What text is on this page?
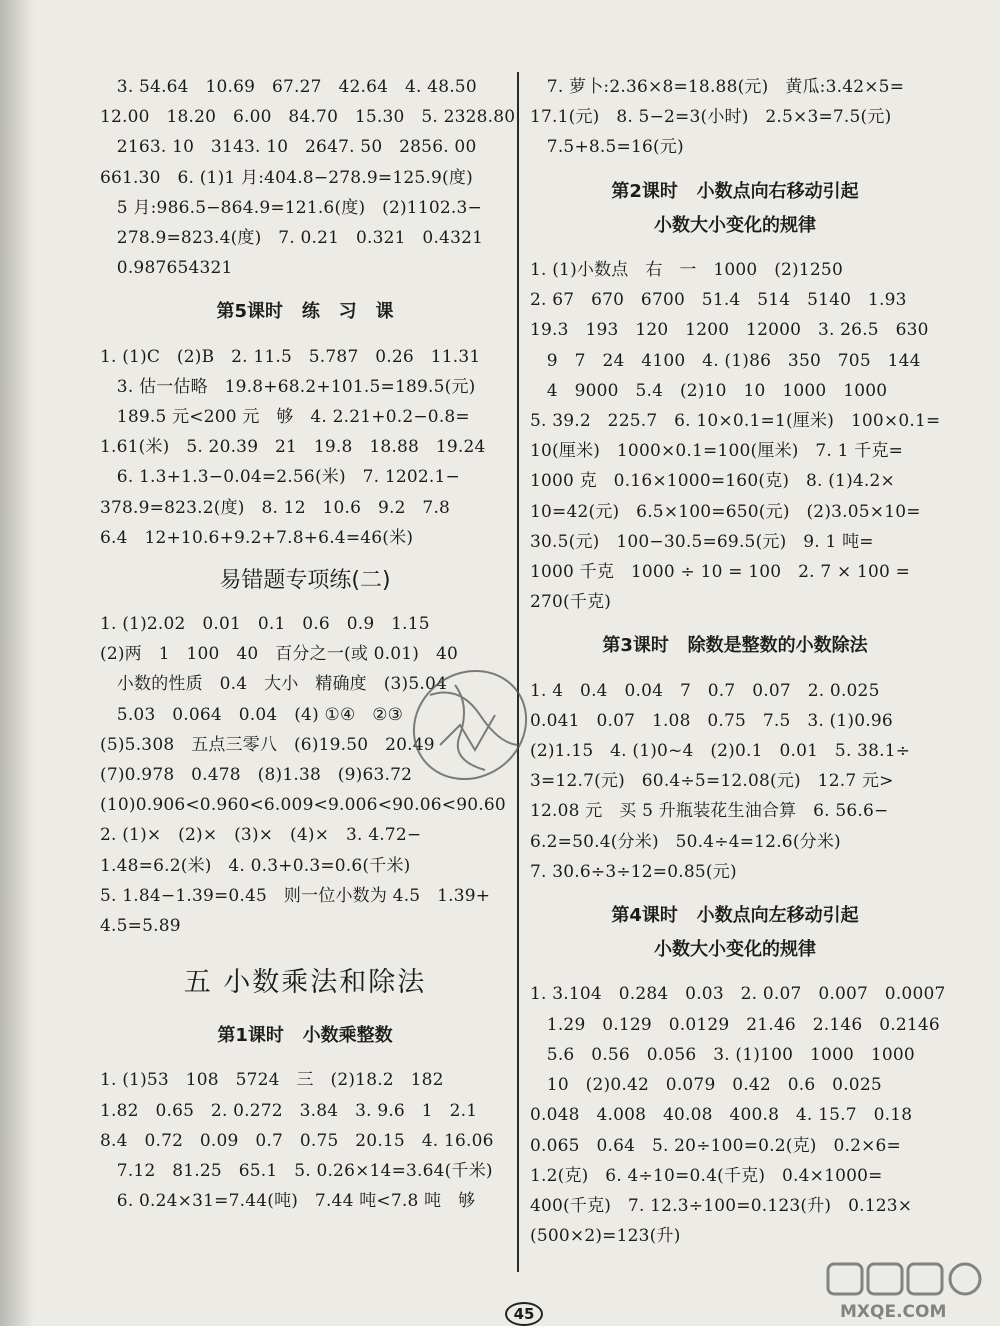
3. 54.64   10.69   67.27   42.64   4. 48.50
12.00   18.20   6.00   84.70   15.30   5. 2328.80
2163. 10   3143. 10   2647. 50   2856. 00
661.30   6. (1)1 月:404.8−278.9=125.9(度)
5 月:986.5−864.9=121.6(度)   (2)1102.3−
278.9=823.4(度)   7. 0.21   0.321   0.4321
0.987654321
第5课时   练   习   课
1. (1)C   (2)B   2. 11.5   5.787   0.26   11.31
3. 估一估略   19.8+68.2+101.5=189.5(元)
189.5 元<200 元   够   4. 2.21+0.2−0.8=
1.61(米)   5. 20.39   21   19.8   18.88   19.24
6. 1.3+1.3−0.04=2.56(米)   7. 1202.1−
378.9=823.2(度)   8. 12   10.6   9.2   7.8
6.4   12+10.6+9.2+7.8+6.4=46(米)
易错题专项练(二)
1. (1)2.02   0.01   0.1   0.6   0.9   1.15
(2)两   1   100   40   百分之一(或 0.01)   40
小数的性质   0.4   大小   精确度   (3)5.04
5.03   0.064   0.04   (4) ①④   ②③
(5)5.308   五点三零八   (6)19.50   20.49
(7)0.978   0.478   (8)1.38   (9)63.72
(10)0.906<0.960<6.009<9.006<90.06<90.60
2. (1)×   (2)×   (3)×   (4)×   3. 4.72−
1.48=6.2(米)   4. 0.3+0.3=0.6(千米)
5. 1.84−1.39=0.45   则一位小数为 4.5   1.39+
4.5=5.89
五 小数乘法和除法
第1课时   小数乘整数
1. (1)53   108   5724   三   (2)18.2   182
1.82   0.65   2. 0.272   3.84   3. 9.6   1   2.1
8.4   0.72   0.09   0.7   0.75   20.15   4. 16.06
7.12   81.25   65.1   5. 0.26×14=3.64(千米)
6. 0.24×31=7.44(吨)   7.44 吨<7.8 吨   够
7. 萝卜:2.36×8=18.88(元)   黄瓜:3.42×5=
17.1(元)   8. 5−2=3(小时)   2.5×3=7.5(元)
7.5+8.5=16(元)
第2课时   小数点向右移动引起
小数大小变化的规律
1. (1)小数点   右   一   1000   (2)1250
2. 67   670   6700   51.4   514   5140   1.93
19.3   193   120   1200   12000   3. 26.5   630
9   7   24   4100   4. (1)86   350   705   144
4   9000   5.4   (2)10   10   1000   1000
5. 39.2   225.7   6. 10×0.1=1(厘米)   100×0.1=
10(厘米)   1000×0.1=100(厘米)   7. 1 千克=
1000 克   0.16×1000=160(克)   8. (1)4.2×
10=42(元)   6.5×100=650(元)   (2)3.05×10=
30.5(元)   100−30.5=69.5(元)   9. 1 吨=
1000 千克   1000 ÷ 10 = 100   2. 7 × 100 =
270(千克)
第3课时   除数是整数的小数除法
1. 4   0.4   0.04   7   0.7   0.07   2. 0.025
0.041   0.07   1.08   0.75   7.5   3. (1)0.96
(2)1.15   4. (1)0~4   (2)0.1   0.01   5. 38.1÷
3=12.7(元)   60.4÷5=12.08(元)   12.7 元>
12.08 元   买 5 升瓶装花生油合算   6. 56.6−
6.2=50.4(分米)   50.4÷4=12.6(分米)
7. 30.6÷3÷12=0.85(元)
第4课时   小数点向左移动引起
小数大小变化的规律
1. 3.104   0.284   0.03   2. 0.07   0.007   0.0007
1.29   0.129   0.0129   21.46   2.146   0.2146
5.6   0.56   0.056   3. (1)100   1000   1000
10   (2)0.42   0.079   0.42   0.6   0.025
0.048   4.008   40.08   400.8   4. 15.7   0.18
0.065   0.64   5. 20÷100=0.2(克)   0.2×6=
1.2(克)   6. 4÷10=0.4(千克)   0.4×1000=
400(千克)   7. 12.3÷100=0.123(升)   0.123×
(500×2)=123(升)
45	MXQE.COM
